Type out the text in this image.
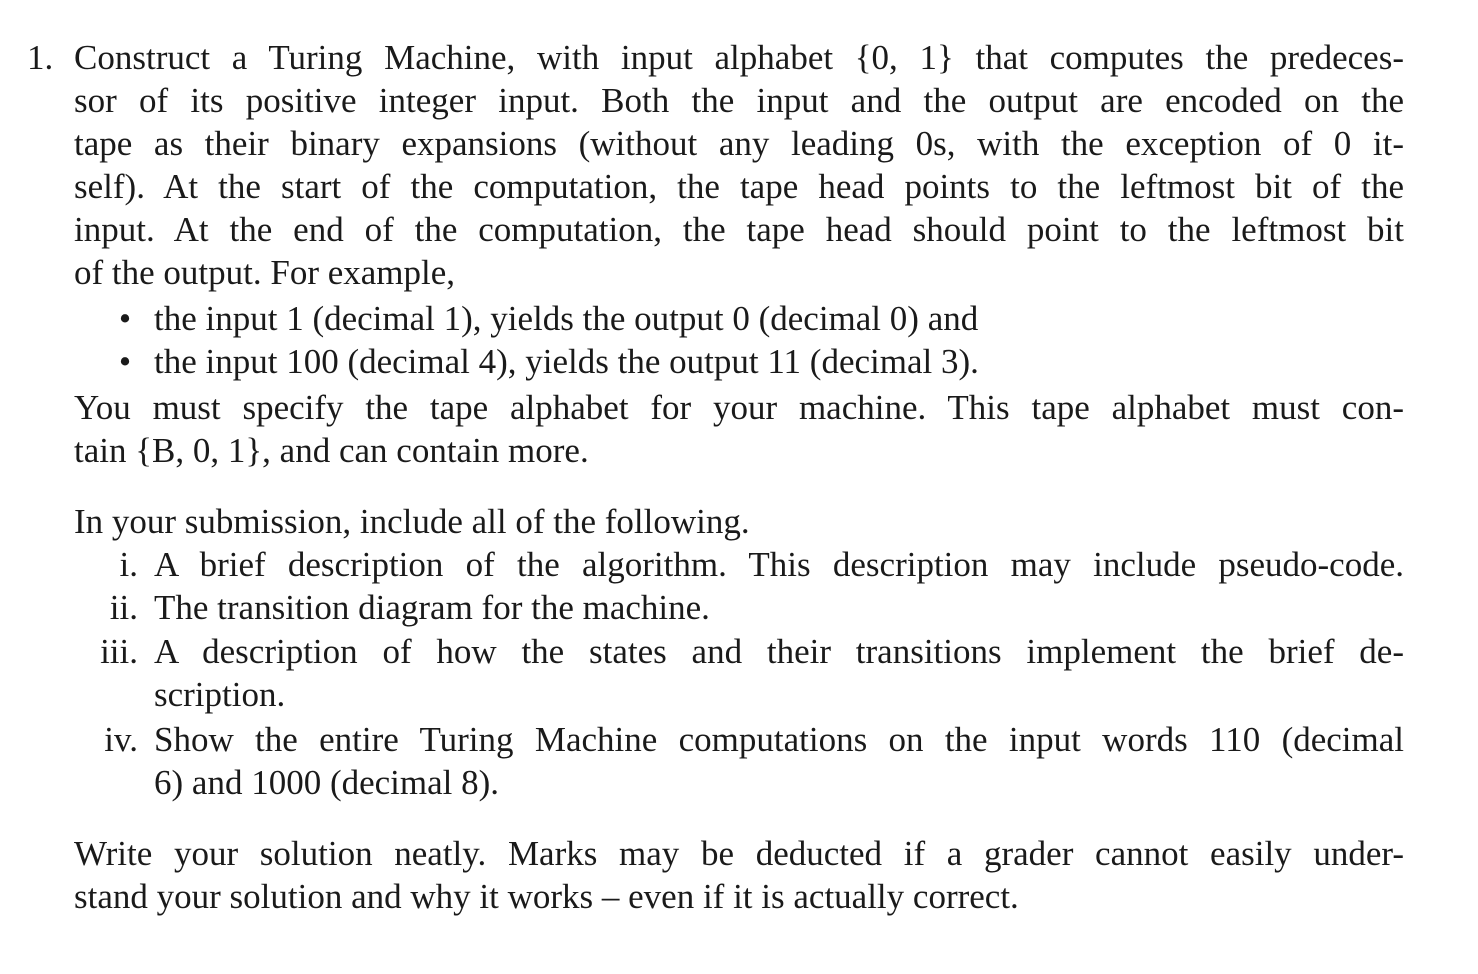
1. Construct a Turing Machine, with input alphabet {0, 1} that computes the predeces-
sor of its positive integer input. Both the input and the output are encoded on the
tape as their binary expansions (without any leading 0s, with the exception of 0 it-
self). At the start of the computation, the tape head points to the leftmost bit of the
input. At the end of the computation, the tape head should point to the leftmost bit
of the output. For example,
• the input 1 (decimal 1), yields the output 0 (decimal 0) and
• the input 100 (decimal 4), yields the output 11 (decimal 3).
You must specify the tape alphabet for your machine. This tape alphabet must con-
tain {B, 0, 1}, and can contain more.
In your submission, include all of the following.
i. A brief description of the algorithm. This description may include pseudo-code.
ii. The transition diagram for the machine.
iii. A description of how the states and their transitions implement the brief de-
scription.
iv. Show the entire Turing Machine computations on the input words 110 (decimal
6) and 1000 (decimal 8).
Write your solution neatly. Marks may be deducted if a grader cannot easily under-
stand your solution and why it works – even if it is actually correct.
